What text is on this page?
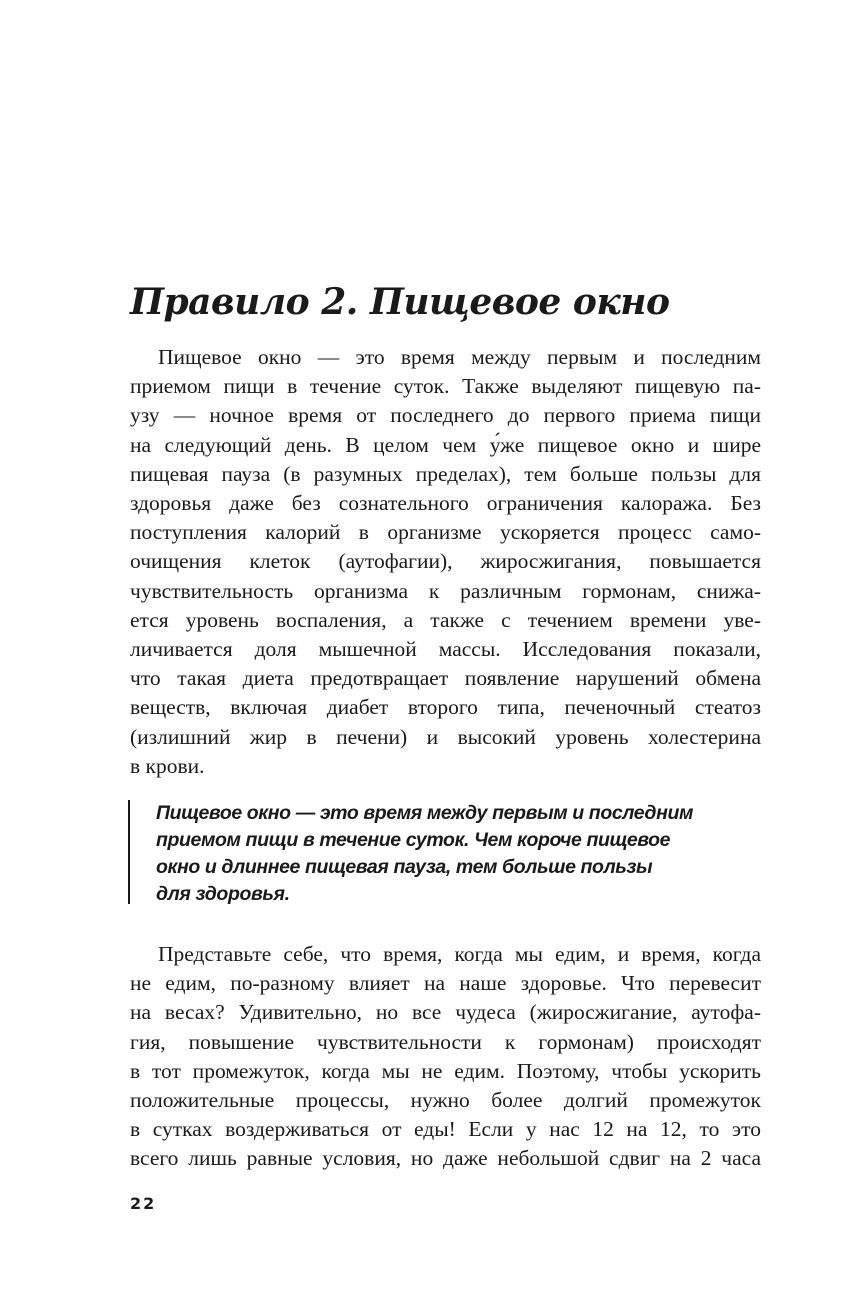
Правило 2. Пищевое окно
Пищевое окно — это время между первым и последним
приемом пищи в течение суток. Также выделяют пищевую па-
узу — ночное время от последнего до первого приема пищи
на следующий день. В целом чем у́же пищевое окно и шире
пищевая пауза (в разумных пределах), тем больше пользы для
здоровья даже без сознательного ограничения калоража. Без
поступления калорий в организме ускоряется процесс само-
очищения клеток (аутофагии), жиросжигания, повышается
чувствительность организма к различным гормонам, снижа-
ется уровень воспаления, а также с течением времени уве-
личивается доля мышечной массы. Исследования показали,
что такая диета предотвращает появление нарушений обмена
веществ, включая диабет второго типа, печеночный стеатоз
(излишний жир в печени) и высокий уровень холестерина
в крови.
Пищевое окно — это время между первым и последним
приемом пищи в течение суток. Чем короче пищевое
окно и длиннее пищевая пауза, тем больше пользы
для здоровья.
Представьте себе, что время, когда мы едим, и время, когда
не едим, по-разному влияет на наше здоровье. Что перевесит
на весах? Удивительно, но все чудеса (жиросжигание, аутофа-
гия, повышение чувствительности к гормонам) происходят
в тот промежуток, когда мы не едим. Поэтому, чтобы ускорить
положительные процессы, нужно более долгий промежуток
в сутках воздерживаться от еды! Если у нас 12 на 12, то это
всего лишь равные условия, но даже небольшой сдвиг на 2 часа
22
